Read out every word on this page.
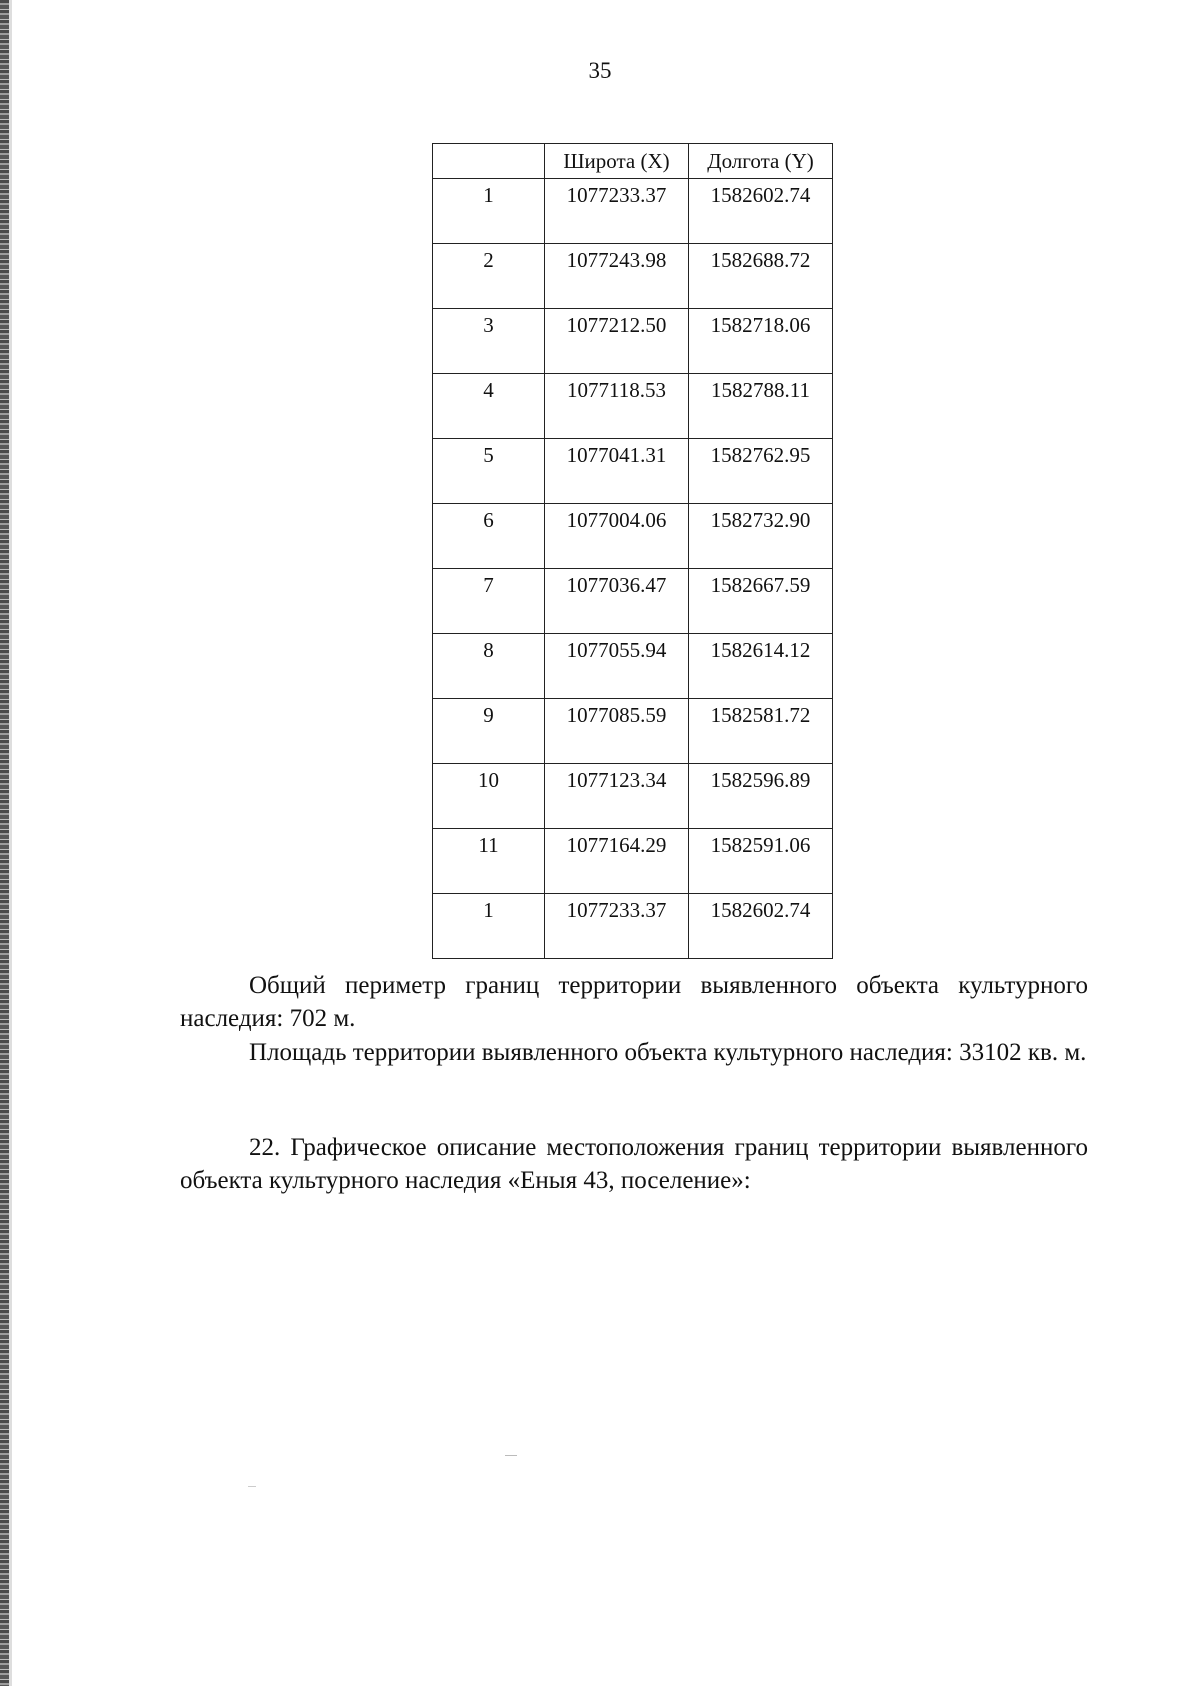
35
	Широта (X)	Долгота (Y)
1	1077233.37	1582602.74
2	1077243.98	1582688.72
3	1077212.50	1582718.06
4	1077118.53	1582788.11
5	1077041.31	1582762.95
6	1077004.06	1582732.90
7	1077036.47	1582667.59
8	1077055.94	1582614.12
9	1077085.59	1582581.72
10	1077123.34	1582596.89
11	1077164.29	1582591.06
1	1077233.37	1582602.74

Общий периметр границ территории выявленного объекта культурного наследия: 702 м.

Площадь территории выявленного объекта культурного наследия: 33102 кв. м.

22. Графическое описание местоположения границ территории выявленного объекта культурного наследия «Еныя 43, поселение»:
